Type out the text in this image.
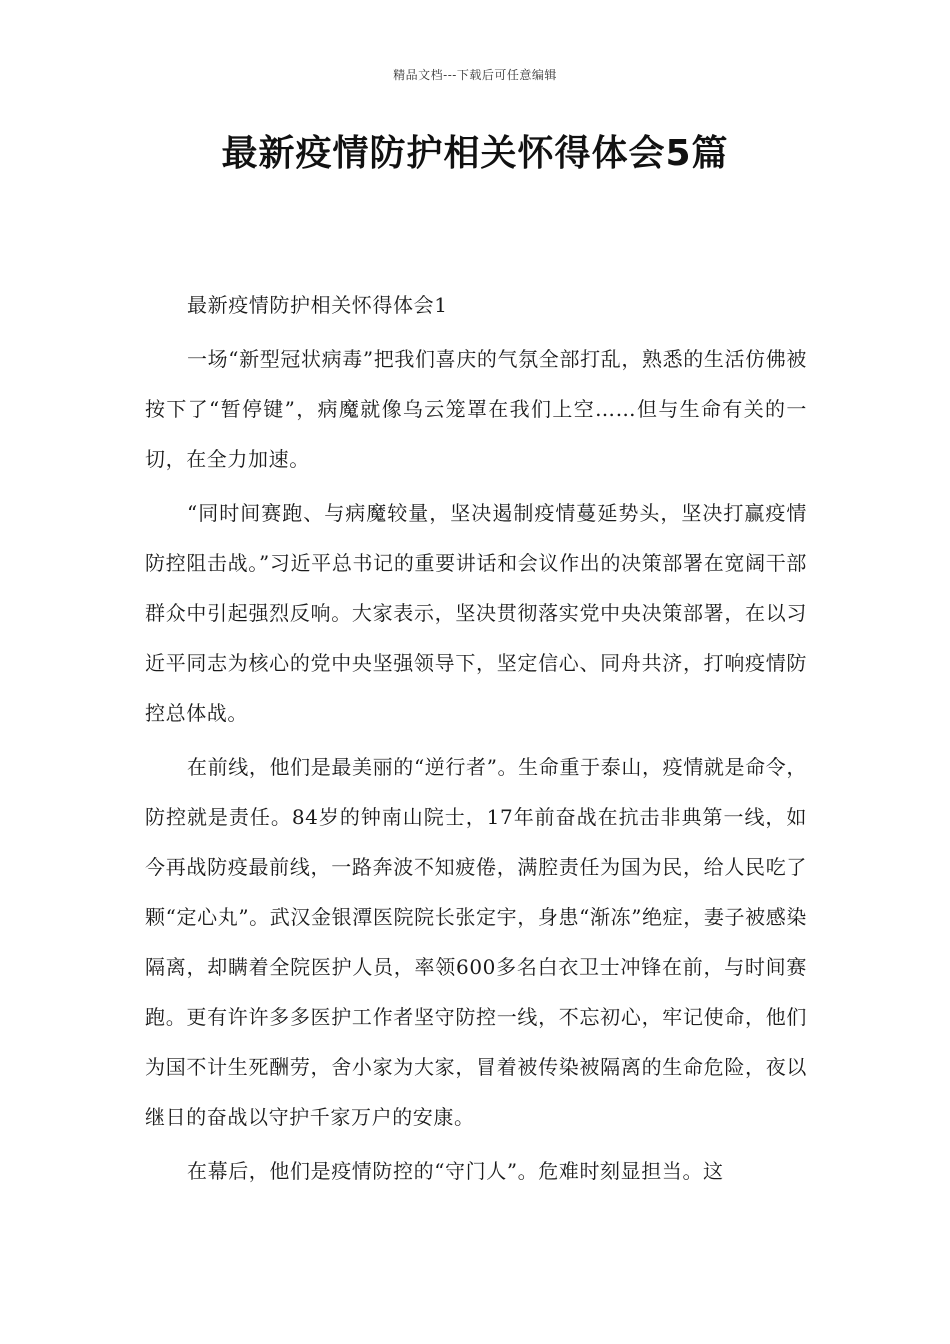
精品文档---下载后可任意编辑
最新疫情防护相关怀得体会5篇

最新疫情防护相关怀得体会1

一场“新型冠状病毒”把我们喜庆的气氛全部打乱，熟悉的生活仿佛被按下了“暂停键”，病魔就像乌云笼罩在我们上空……但与生命有关的一切，在全力加速。

“同时间赛跑、与病魔较量，坚决遏制疫情蔓延势头，坚决打赢疫情防控阻击战。”习近平总书记的重要讲话和会议作出的决策部署在宽阔干部群众中引起强烈反响。大家表示，坚决贯彻落实党中央决策部署，在以习近平同志为核心的党中央坚强领导下，坚定信心、同舟共济，打响疫情防控总体战。

在前线，他们是最美丽的“逆行者”。生命重于泰山，疫情就是命令，防控就是责任。84岁的钟南山院士，17年前奋战在抗击非典第一线，如今再战防疫最前线，一路奔波不知疲倦，满腔责任为国为民，给人民吃了颗“定心丸”。武汉金银潭医院院长张定宇，身患“渐冻”绝症，妻子被感染隔离，却瞒着全院医护人员，率领600多名白衣卫士冲锋在前，与时间赛跑。更有许许多多医护工作者坚守防控一线，不忘初心，牢记使命，他们为国不计生死酬劳，舍小家为大家，冒着被传染被隔离的生命危险，夜以继日的奋战以守护千家万户的安康。

在幕后，他们是疫情防控的“守门人”。危难时刻显担当。这
